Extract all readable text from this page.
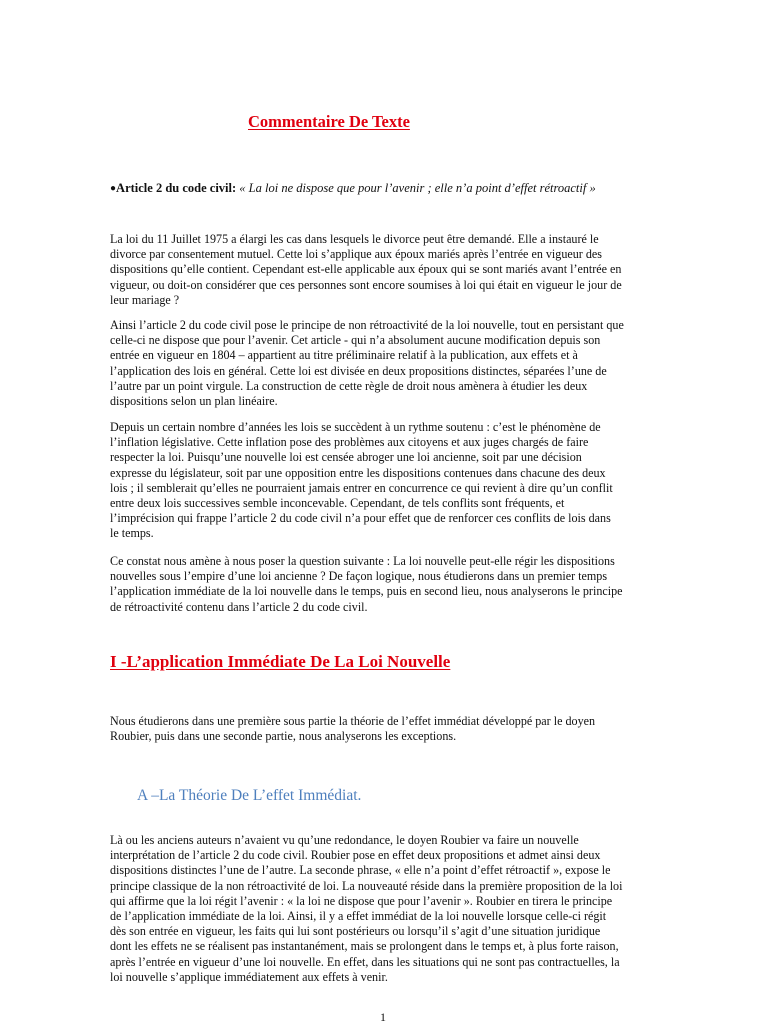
Commentaire De Texte
●Article 2 du code civil: « La loi ne dispose que pour l’avenir ; elle n’a point d’effet rétroactif »

La loi du 11 Juillet 1975 a élargi les cas dans lesquels le divorce peut être demandé. Elle a instauré le
divorce par consentement mutuel. Cette loi s’applique aux époux mariés après l’entrée en vigueur des
dispositions qu’elle contient. Cependant est-elle applicable aux époux qui se sont mariés avant l’entrée en
vigueur, ou doit-on considérer que ces personnes sont encore soumises à loi qui était en vigueur le jour de
leur mariage ?

Ainsi l’article 2 du code civil pose le principe de non rétroactivité de la loi nouvelle, tout en persistant que
celle-ci ne dispose que pour l’avenir. Cet article - qui n’a absolument aucune modification depuis son
entrée en vigueur en 1804 – appartient au titre préliminaire relatif à la publication, aux effets et à
l’application des lois en général. Cette loi est divisée en deux propositions distinctes, séparées l’une de
l’autre par un point virgule. La construction de cette règle de droit nous amènera à étudier les deux
dispositions selon un plan linéaire.

Depuis un certain nombre d’années les lois se succèdent à un rythme soutenu : c’est le phénomène de
l’inflation législative. Cette inflation pose des problèmes aux citoyens et aux juges chargés de faire
respecter la loi. Puisqu’une nouvelle loi est censée abroger une loi ancienne, soit par une décision
expresse du législateur, soit par une opposition entre les dispositions contenues dans chacune des deux
lois ; il semblerait qu’elles ne pourraient jamais entrer en concurrence ce qui revient à dire qu’un conflit
entre deux lois successives semble inconcevable. Cependant, de tels conflits sont fréquents, et
l’imprécision qui frappe l’article 2 du code civil n’a pour effet que de renforcer ces conflits de lois dans
le temps.

Ce constat nous amène à nous poser la question suivante : La loi nouvelle peut-elle régir les dispositions
nouvelles sous l’empire d’une loi ancienne ? De façon logique, nous étudierons dans un premier temps
l’application immédiate de la loi nouvelle dans le temps, puis en second lieu, nous analyserons le principe
de rétroactivité contenu dans l’article 2 du code civil.

I -L’application Immédiate De La Loi Nouvelle

Nous étudierons dans une première sous partie la théorie de l’effet immédiat développé par le doyen
Roubier, puis dans une seconde partie, nous analyserons les exceptions.

A –La Théorie De L’effet Immédiat.

Là ou les anciens auteurs n’avaient vu qu’une redondance, le doyen Roubier va faire un nouvelle
interprétation de l’article 2 du code civil. Roubier pose en effet deux propositions et admet ainsi deux
dispositions distinctes l’une de l’autre. La seconde phrase, « elle n’a point d’effet rétroactif », expose le
principe classique de la non rétroactivité de loi. La nouveauté réside dans la première proposition de la loi
qui affirme que la loi régit l’avenir : « la loi ne dispose que pour l’avenir ». Roubier en tirera le principe
de l’application immédiate de la loi. Ainsi, il y a effet immédiat de la loi nouvelle lorsque celle-ci régit
dès son entrée en vigueur, les faits qui lui sont postérieurs ou lorsqu’il s’agit d’une situation juridique
dont les effets ne se réalisent pas instantanément, mais se prolongent dans le temps et, à plus forte raison,
après l’entrée en vigueur d’une loi nouvelle. En effet, dans les situations qui ne sont pas contractuelles, la
loi nouvelle s’applique immédiatement aux effets à venir.

1
